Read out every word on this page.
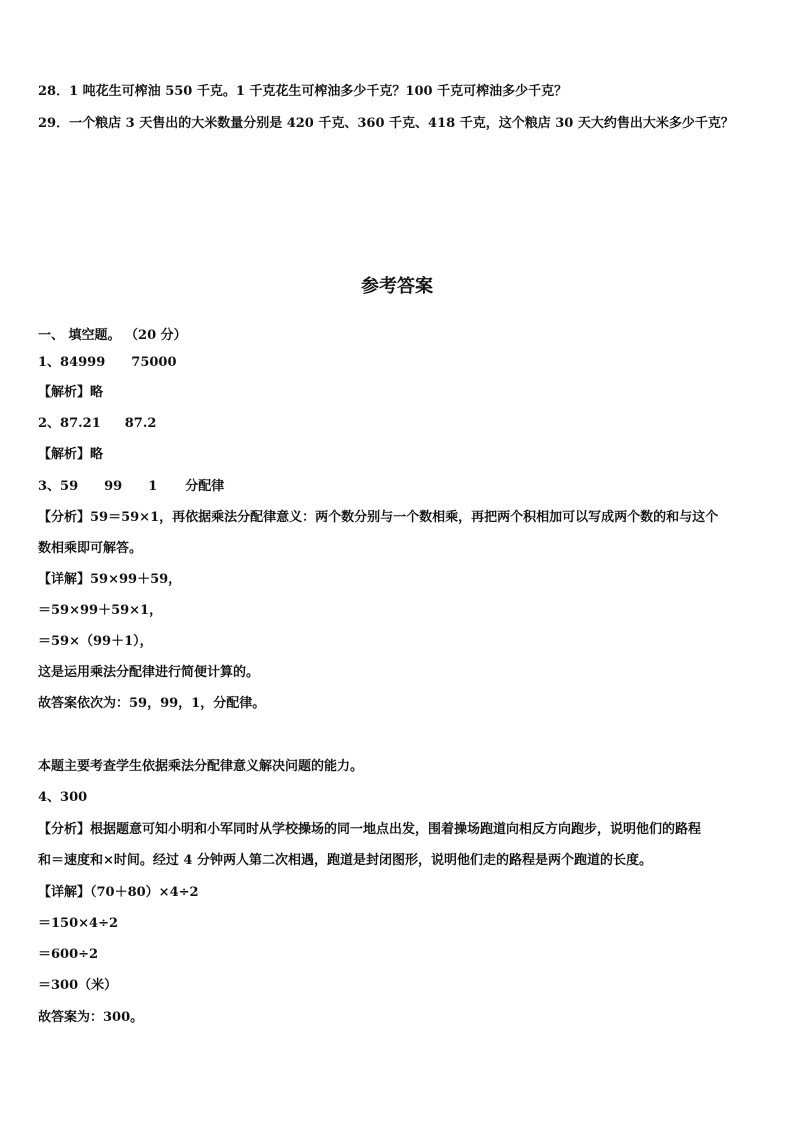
28．1 吨花生可榨油 550 千克。1 千克花生可榨油多少千克？100 千克可榨油多少千克？
29．一个粮店 3 天售出的大米数量分别是 420 千克、360 千克、418 千克，这个粮店 30 天大约售出大米多少千克？
参考答案
一、 填空题。 （20 分）
1、84999 75000
【解析】略
2、87.21 87.2
【解析】略
3、59 99 1 分配律
【分析】59＝59×1，再依据乘法分配律意义：两个数分别与一个数相乘，再把两个积相加可以写成两个数的和与这个
数相乘即可解答。
【详解】59×99＋59，
＝59×99＋59×1，
＝59×（99＋1），
这是运用乘法分配律进行简便计算的。
故答案依次为：59，99，1，分配律。
本题主要考查学生依据乘法分配律意义解决问题的能力。
4、300
【分析】根据题意可知小明和小军同时从学校操场的同一地点出发，围着操场跑道向相反方向跑步，说明他们的路程
和＝速度和×时间。经过 4 分钟两人第二次相遇，跑道是封闭图形，说明他们走的路程是两个跑道的长度。
【详解】（70＋80）×4÷2
＝150×4÷2
＝600÷2
＝300（米）
故答案为：300。
